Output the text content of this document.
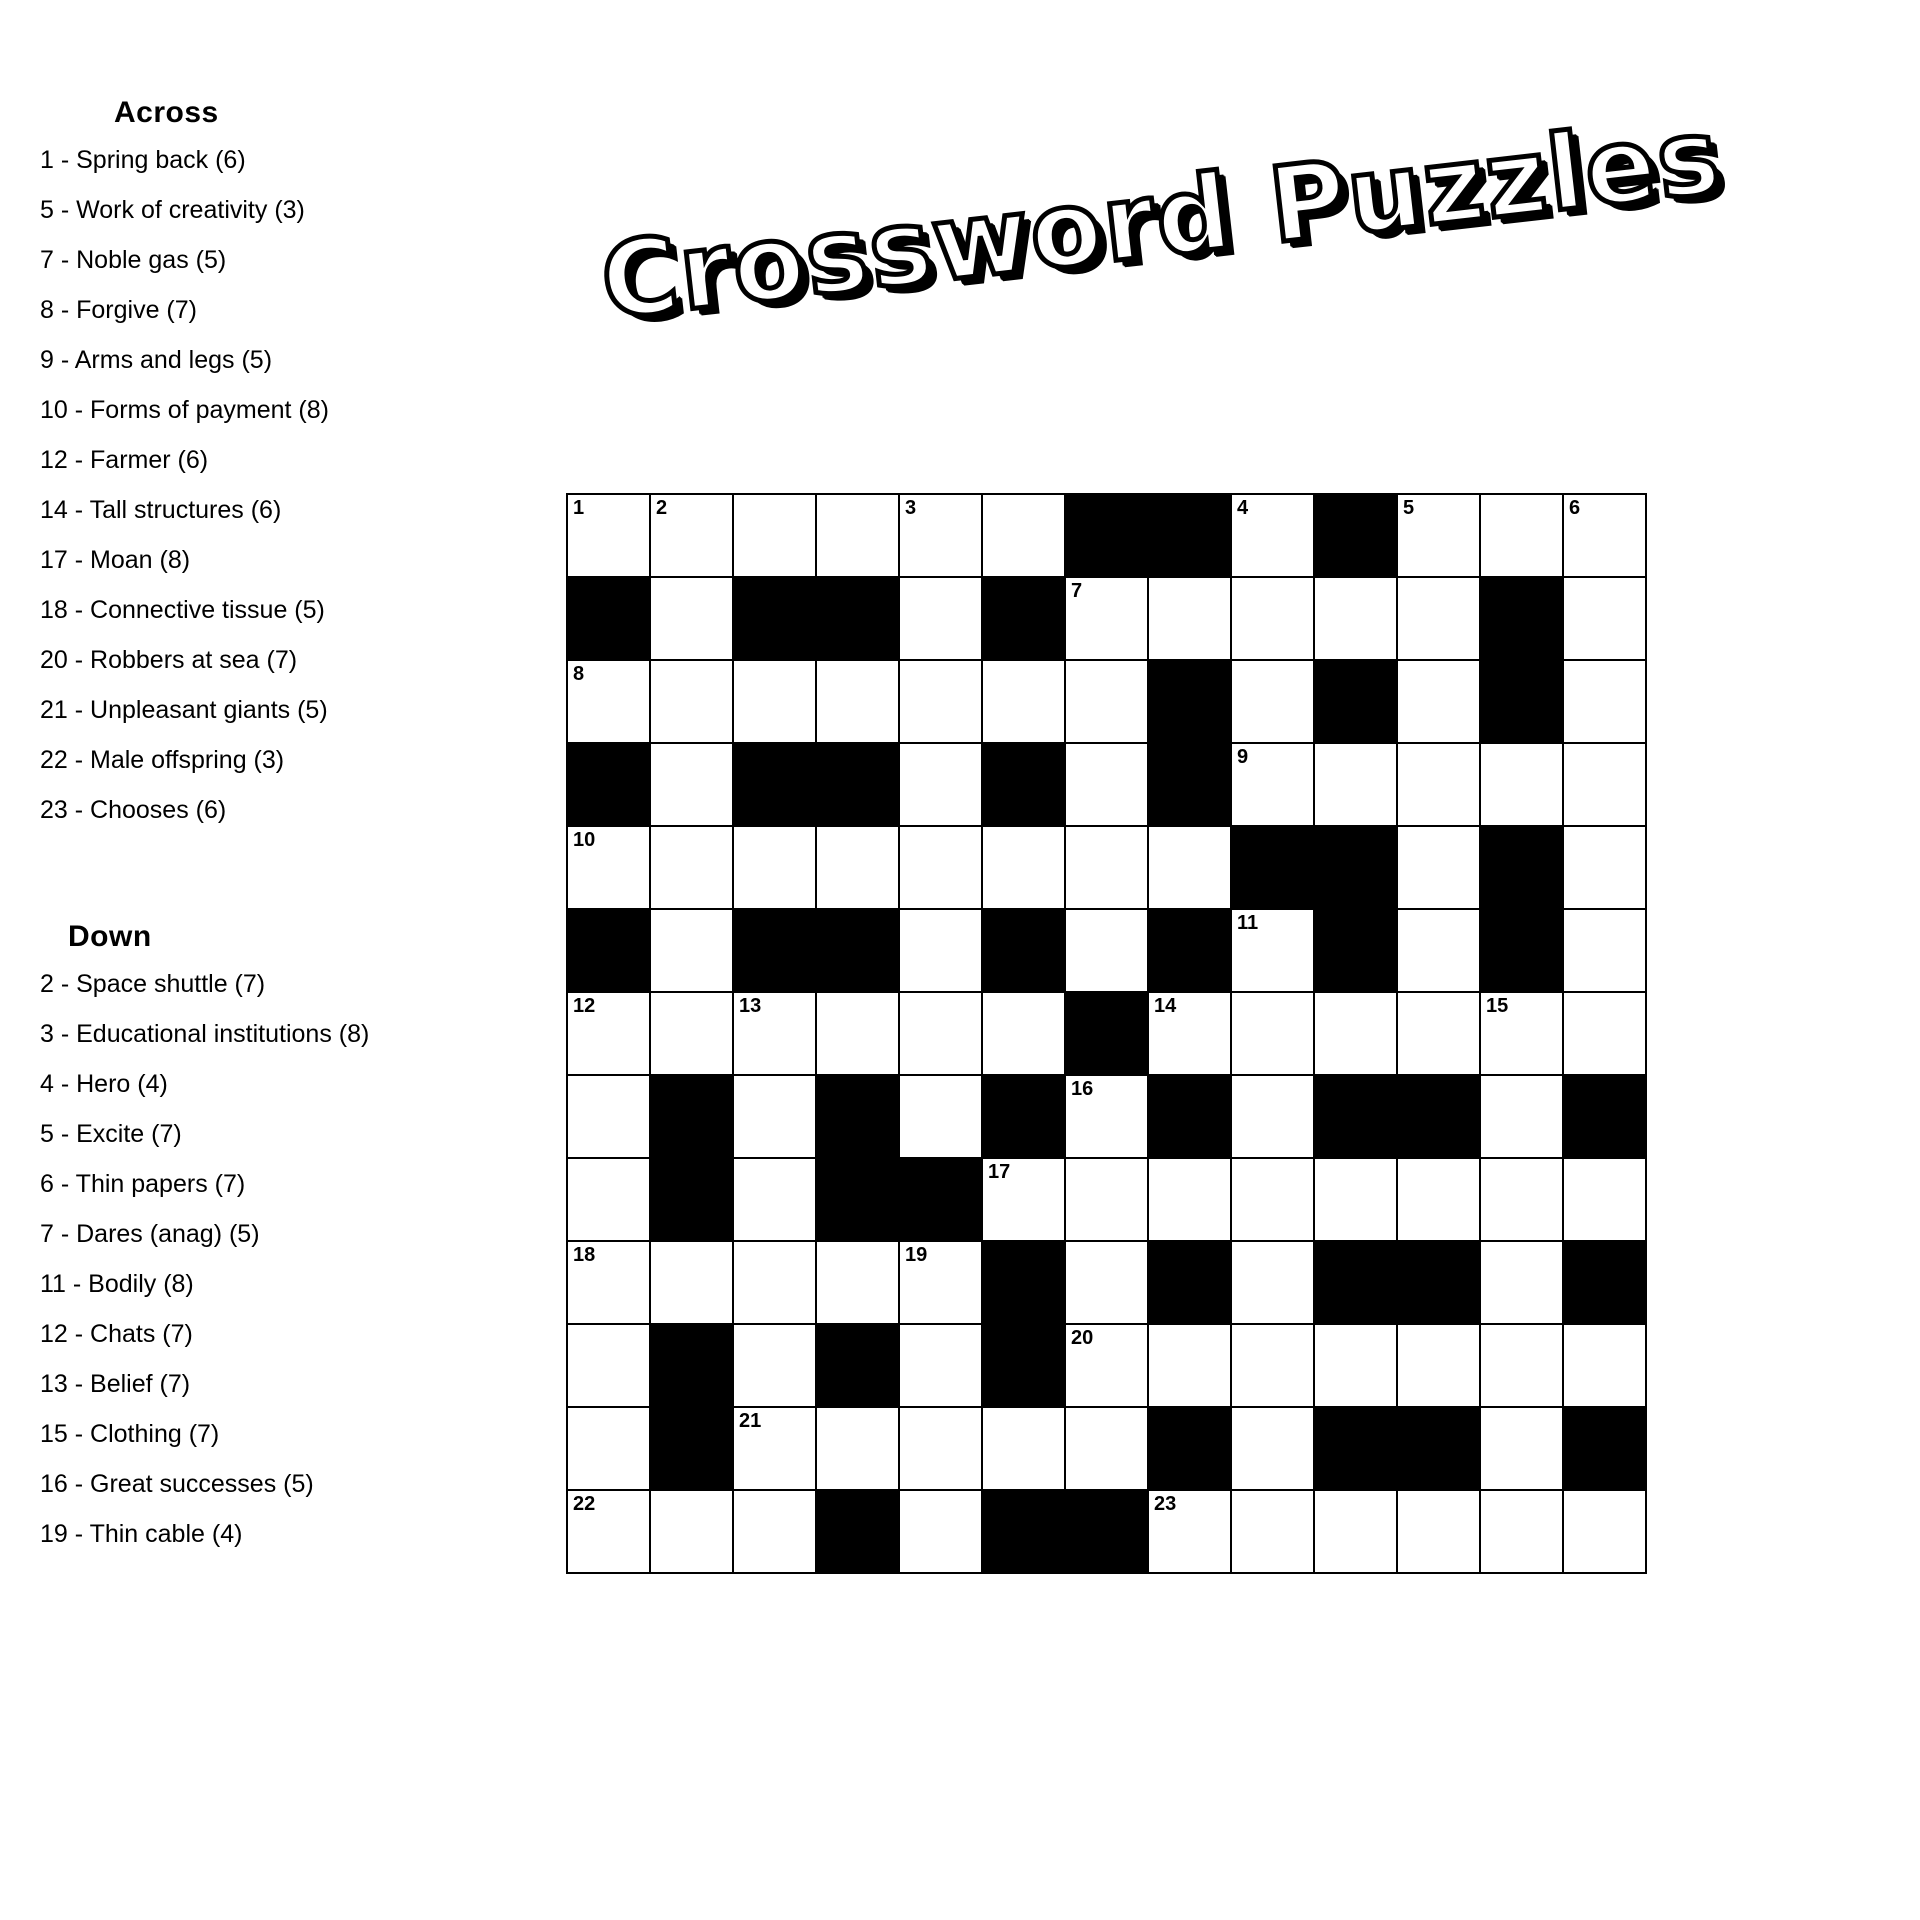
Across
1 - Spring back (6)
5 - Work of creativity (3)
7 - Noble gas (5)
8 - Forgive (7)
9 - Arms and legs (5)
10 - Forms of payment (8)
12 - Farmer (6)
14 - Tall structures (6)
17 - Moan (8)
18 - Connective tissue (5)
20 - Robbers at sea (7)
21 - Unpleasant giants (5)
22 - Male offspring (3)
23 - Chooses (6)
Down
2 - Space shuttle (7)
3 - Educational institutions (8)
4 - Hero (4)
5 - Excite (7)
6 - Thin papers (7)
7 - Dares (anag) (5)
11 - Bodily (8)
12 - Chats (7)
13 - Belief (7)
15 - Clothing (7)
16 - Great successes (5)
19 - Thin cable (4)
Crossword Puzzles
1	2			3				4		5		6

						7						

8												

								9				

10												

								11				

12		13					14				15	

						16						

					17							

18				19								

						20						

		21										

22							23					
